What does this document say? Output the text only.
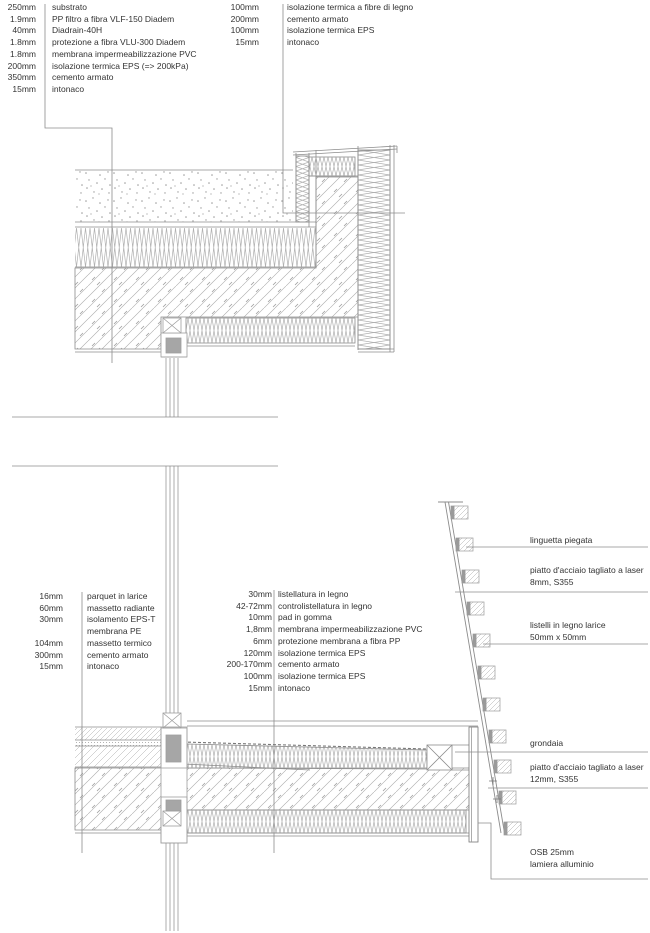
250mm substrato
1.9mm PP filtro a fibra VLF-150 Diadem
40mm Diadrain-40H
1.8mm protezione a fibra VLU-300 Diadem
1.8mm membrana impermeabilizzazione PVC
200mm isolazione termica EPS (=> 200kPa)
350mm cemento armato
15mm intonaco
100mm	isolazione termica a fibre di legno
200mm	cemento armato
100mm	isolazione termica EPS
15mm	intonaco
16mm	parquet in larice
60mm	massetto radiante
30mm	isolamento EPS-T
membrana PE
104mm	massetto termico
300mm	cemento armato
15mm	intonaco
30mm listellatura in legno
42-72mm controlistellatura in legno
10mm pad in gomma
1,8mm membrana impermeabilizzazione PVC
6mm protezione membrana a fibra PP
120mm isolazione termica EPS
200-170mm cemento armato
100mm isolazione termica EPS
15mm intonaco
linguetta piegata
piatto d'acciaio tagliato a laser
8mm, S355
listelli in legno larice
50mm x 50mm
grondaia
piatto d'acciaio tagliato a laser
12mm, S355
OSB 25mm
lamiera alluminio
